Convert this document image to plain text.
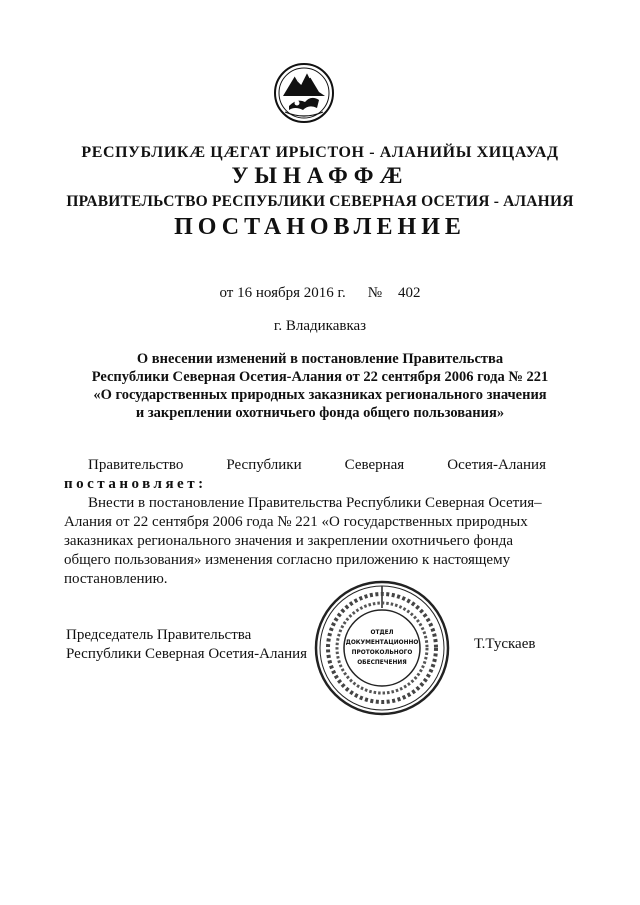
РЕСПУБЛИКӔ ЦӔГАТ ИРЫСТОН - АЛАНИЙЫ ХИЦАУАД
УЫНАФФӔ
ПРАВИТЕЛЬСТВО РЕСПУБЛИКИ СЕВЕРНАЯ ОСЕТИЯ - АЛАНИЯ
ПОСТАНОВЛЕНИЕ
от 16 ноября 2016 г. № 402
г. Владикавказ
О внесении изменений в постановление Правительства
Республики Северная Осетия-Алания от 22 сентября 2006 года № 221
«О государственных природных заказниках регионального значения
и закреплении охотничьего фонда общего пользования»
Правительство	Республики	Северная	Осетия-Алания
постановляет:
Внести в постановление Правительства Республики Северная Осетия–
Алания от 22 сентября 2006 года № 221 «О государственных природных
заказниках регионального значения и закреплении охотничьего фонда
общего пользования» изменения согласно приложению к настоящему
постановлению.
Председатель Правительства
Республики Северная Осетия-Алания
ОТДЕЛ
ДОКУМЕНТАЦИОННО
ПРОТОКОЛЬНОГО
ОБЕСПЕЧЕНИЯ
Т.Тускаев
